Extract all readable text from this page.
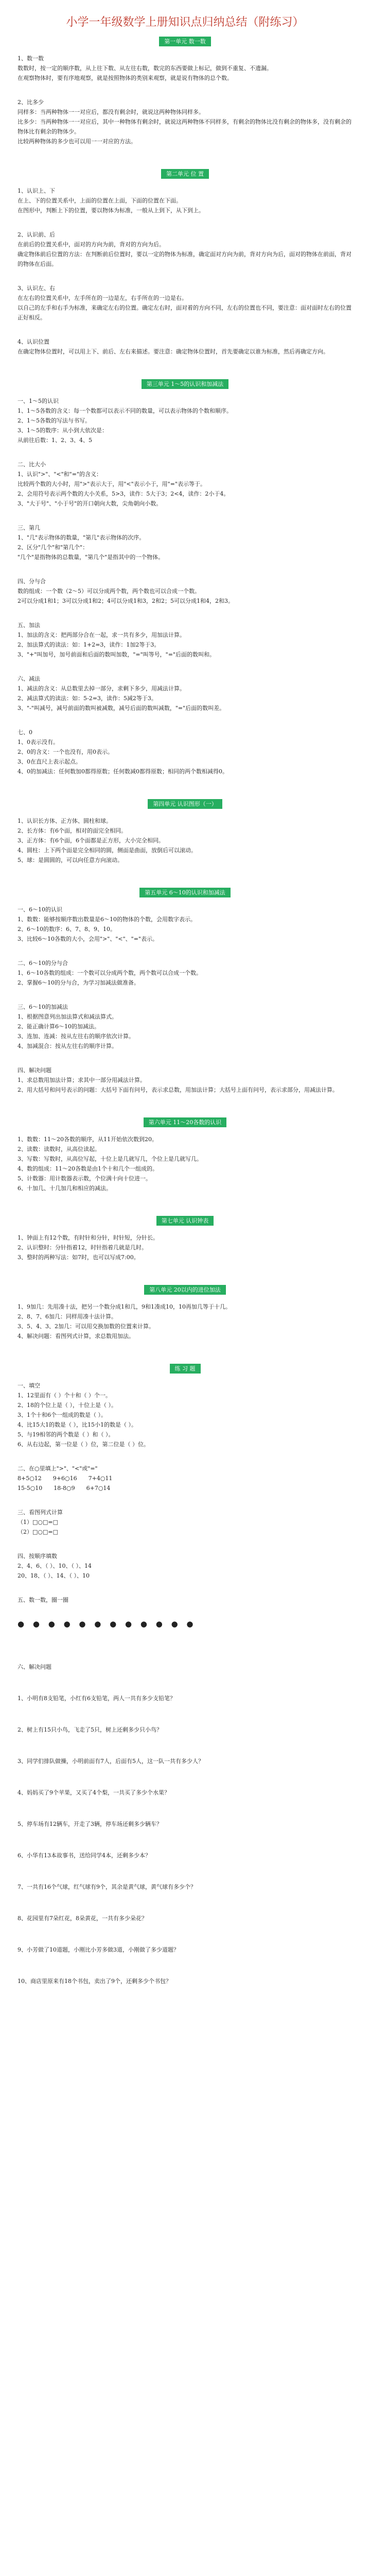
小学一年级数学上册知识点归纳总结（附练习）
第一单元 数一数

1、数一数

数数时，按一定的顺序数，从上往下数、从左往右数，数完的东西要做上标记，做到不重复、不遗漏。

在观察物体时，要有序地观察，就是按照物体的类别来观察，就是说有物体的总个数。

2、比多少

同样多：当两种物体一一对应后，都没有剩余时，就说这两种物体同样多。

比多少：当两种物体一一对应后，其中一种物体有剩余时，就说这两种物体不同样多，有剩余的物体比没有剩余的物体多，没有剩余的物体比有剩余的物体少。

比较两种物体的多少也可以用一一对应的方法。

第二单元 位 置

1、认识上、下

在上、下的位置关系中，上面的位置在上面，下面的位置在下面。

在图形中，判断上下的位置，要以物体为标准，一般从上到下，从下到上。

2、认识前、后

在前后的位置关系中，面对的方向为前，背对的方向为后。

确定物体前后位置的方法：在判断前后位置时，要以一定的物体为标准，确定面对方向为前，背对方向为后，面对的物体在前面，背对的物体在后面。

3、认识左、右

在左右的位置关系中，左手所在的一边是左，右手所在的一边是右。

以自己的左手和右手为标准，来确定左右的位置。确定左右时，面对着的方向不同，左右的位置也不同，要注意：面对面时左右的位置正好相反。

4、认识位置

在确定物体位置时，可以用上下、前后、左右来描述。要注意：确定物体位置时，首先要确定以谁为标准，然后再确定方向。

第三单元 1～5的认识和加减法

一、1～5的认识

1、1～5各数的含义：每一个数都可以表示不同的数量，可以表示物体的个数和顺序。

2、1～5各数的写法与书写。

3、1～5的数序：从小到大依次是：

从前往后数：1、2、3、4、5

二、比大小

1、认识">"、"<"和"="的含义：

比较两个数的大小时，用">"表示大于，用"<"表示小于，用"="表示等于。

2、会用符号表示两个数的大小关系，5>3，读作：5大于3；2<4，读作：2小于4。

3、"大于号"、"小于号"的开口朝向大数，尖角朝向小数。

三、第几

1、"几"表示物体的数量，"第几"表示物体的次序。

2、区分"几个"和"第几个"：

"几个"是指物体的总数量，"第几个"是指其中的一个物体。

四、分与合

数的组成：一个数（2～5）可以分成两个数，两个数也可以合成一个数。

2可以分成1和1；3可以分成1和2；4可以分成1和3，2和2；5可以分成1和4，2和3。

五、加法

1、加法的含义：把两部分合在一起，求一共有多少，用加法计算。

2、加法算式的读法：如：1+2=3，读作：1加2等于3。

3、"+"叫加号，加号前面和后面的数叫加数，"="叫等号，"="后面的数叫和。

六、减法

1、减法的含义：从总数里去掉一部分，求剩下多少，用减法计算。

2、减法算式的读法：如：5-2=3，读作：5减2等于3。

3、"-"叫减号，减号前面的数叫被减数，减号后面的数叫减数，"="后面的数叫差。

七、0

1、0表示没有。

2、0的含义：一个也没有，用0表示。

3、0在直尺上表示起点。

4、0的加减法：任何数加0都得原数；任何数减0都得原数；相同的两个数相减得0。

第四单元 认识图形（一）

1、认识长方体、正方体、圆柱和球。

2、长方体：有6个面，相对的面完全相同。

3、正方体：有6个面，6个面都是正方形，大小完全相同。

4、圆柱：上下两个面是完全相同的圆，侧面是曲面，放倒后可以滚动。

5、球：是圆圆的，可以向任意方向滚动。

第五单元 6～10的认识和加减法

一、6～10的认识

1、数数：能够按顺序数出数量是6～10的物体的个数，会用数字表示。

2、6～10的数序：6、7、8、9、10。

3、比较6～10各数的大小，会用">"、"<"、"="表示。

二、6～10的分与合

1、6～10各数的组成：一个数可以分成两个数，两个数可以合成一个数。

2、掌握6～10的分与合，为学习加减法做准备。

三、6～10的加减法

1、根据图意列出加法算式和减法算式。

2、能正确计算6～10的加减法。

3、连加、连减：按从左往右的顺序依次计算。

4、加减混合：按从左往右的顺序计算。

四、解决问题

1、求总数用加法计算；求其中一部分用减法计算。

2、用大括号和问号表示的问题：大括号下面有问号，表示求总数，用加法计算；大括号上面有问号，表示求部分，用减法计算。

第六单元 11～20各数的认识

1、数数：11～20各数的顺序，从11开始依次数到20。

2、读数：读数时，从高位读起。

3、写数：写数时，从高位写起，十位上是几就写几，个位上是几就写几。

4、数的组成：11～20各数是由1个十和几个一组成的。

5、计数器：用计数器表示数，个位满十向十位进一。

6、十加几、十几加几和相应的减法。

第七单元 认识钟表

1、钟面上有12个数，有时针和分针，时针短，分针长。

2、认识整时：分针指着12，时针指着几就是几时。

3、整时的两种写法：如7时，也可以写成7:00。

第八单元 20以内的进位加法

1、9加几：先用凑十法，把另一个数分成1和几，9和1凑成10，10再加几等于十几。

2、8、7、6加几：同样用凑十法计算。

3、5、4、3、2加几：可以用交换加数的位置来计算。

4、解决问题：看图列式计算，求总数用加法。

练 习 题

一、填空

1、12里面有（ ）个十和（ ）个一。

2、18的个位上是（ ），十位上是（ ）。

3、1个十和6个一组成的数是（ ）。

4、比15大1的数是（ ），比15小1的数是（ ）。

5、与19相邻的两个数是（ ）和（ ）。

6、从右边起，第一位是（ ）位，第二位是（ ）位。

二、在○里填上">"、"<"或"="

8+5○12　　9+6○16　　7+4○11

15-5○10　　18-8○9　　6+7○14

三、看图列式计算

（1）□○□=□

（2）□○□=□

四、按顺序填数

2、4、6、（ ）、10、（ ）、14

20、18、（ ）、14、（ ）、10

五、数一数，圈一圈

● ● ● ● ● ● ● ● ● ● ● ●

六、解决问题

1、小明有8支铅笔，小红有6支铅笔，两人一共有多少支铅笔？

2、树上有15只小鸟，飞走了5只，树上还剩多少只小鸟？

3、同学们排队做操，小明前面有7人，后面有5人，这一队一共有多少人？

4、妈妈买了9个苹果，又买了4个梨，一共买了多少个水果？

5、停车场有12辆车，开走了3辆，停车场还剩多少辆车？

6、小华有13本故事书，送给同学4本，还剩多少本？

7、一共有16个气球，红气球有9个，其余是黄气球，黄气球有多少个？

8、花园里有7朵红花，8朵黄花，一共有多少朵花？

9、小芳做了10道题，小刚比小芳多做3道，小刚做了多少道题？

10、商店里原来有18个书包，卖出了9个，还剩多少个书包？
